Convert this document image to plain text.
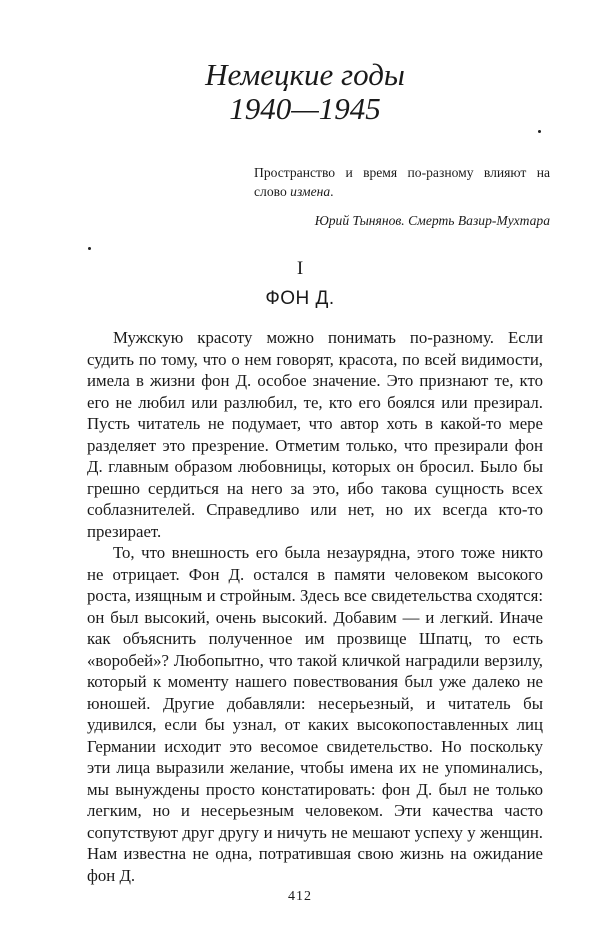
Немецкие годы
1940—1945
Пространство и время по-разному влияют на слово измена.
Юрий Тынянов. Смерть Вазир-Мухтара
I
ФОН Д.

Мужскую красоту можно понимать по-разному. Если судить по тому, что о нем говорят, красота, по всей видимости, имела в жизни фон Д. особое значение. Это признают те, кто его не любил или разлюбил, те, кто его боялся или презирал. Пусть читатель не подумает, что автор хоть в какой-то мере разделяет это презрение. Отметим только, что презирали фон Д. главным образом любовницы, которых он бросил. Было бы грешно сердиться на него за это, ибо такова сущность всех соблазнителей. Справедливо или нет, но их всегда кто-то презирает.

То, что внешность его была незаурядна, этого тоже никто не отрицает. Фон Д. остался в памяти человеком высокого роста, изящным и стройным. Здесь все свидетельства сходятся: он был высокий, очень высокий. Добавим — и легкий. Иначе как объяснить полученное им прозвище Шпатц, то есть «воробей»? Любопытно, что такой кличкой наградили верзилу, который к моменту нашего повествования был уже далеко не юношей. Другие добавляли: несерьезный, и читатель бы удивился, если бы узнал, от каких высокопоставленных лиц Германии исходит это весомое свидетельство. Но поскольку эти лица выразили желание, чтобы имена их не упоминались, мы вынуждены просто констатировать: фон Д. был не только легким, но и несерьезным человеком. Эти качества часто сопутствуют друг другу и ничуть не мешают успеху у женщин. Нам известна не одна, потратившая свою жизнь на ожидание фон Д.

412
